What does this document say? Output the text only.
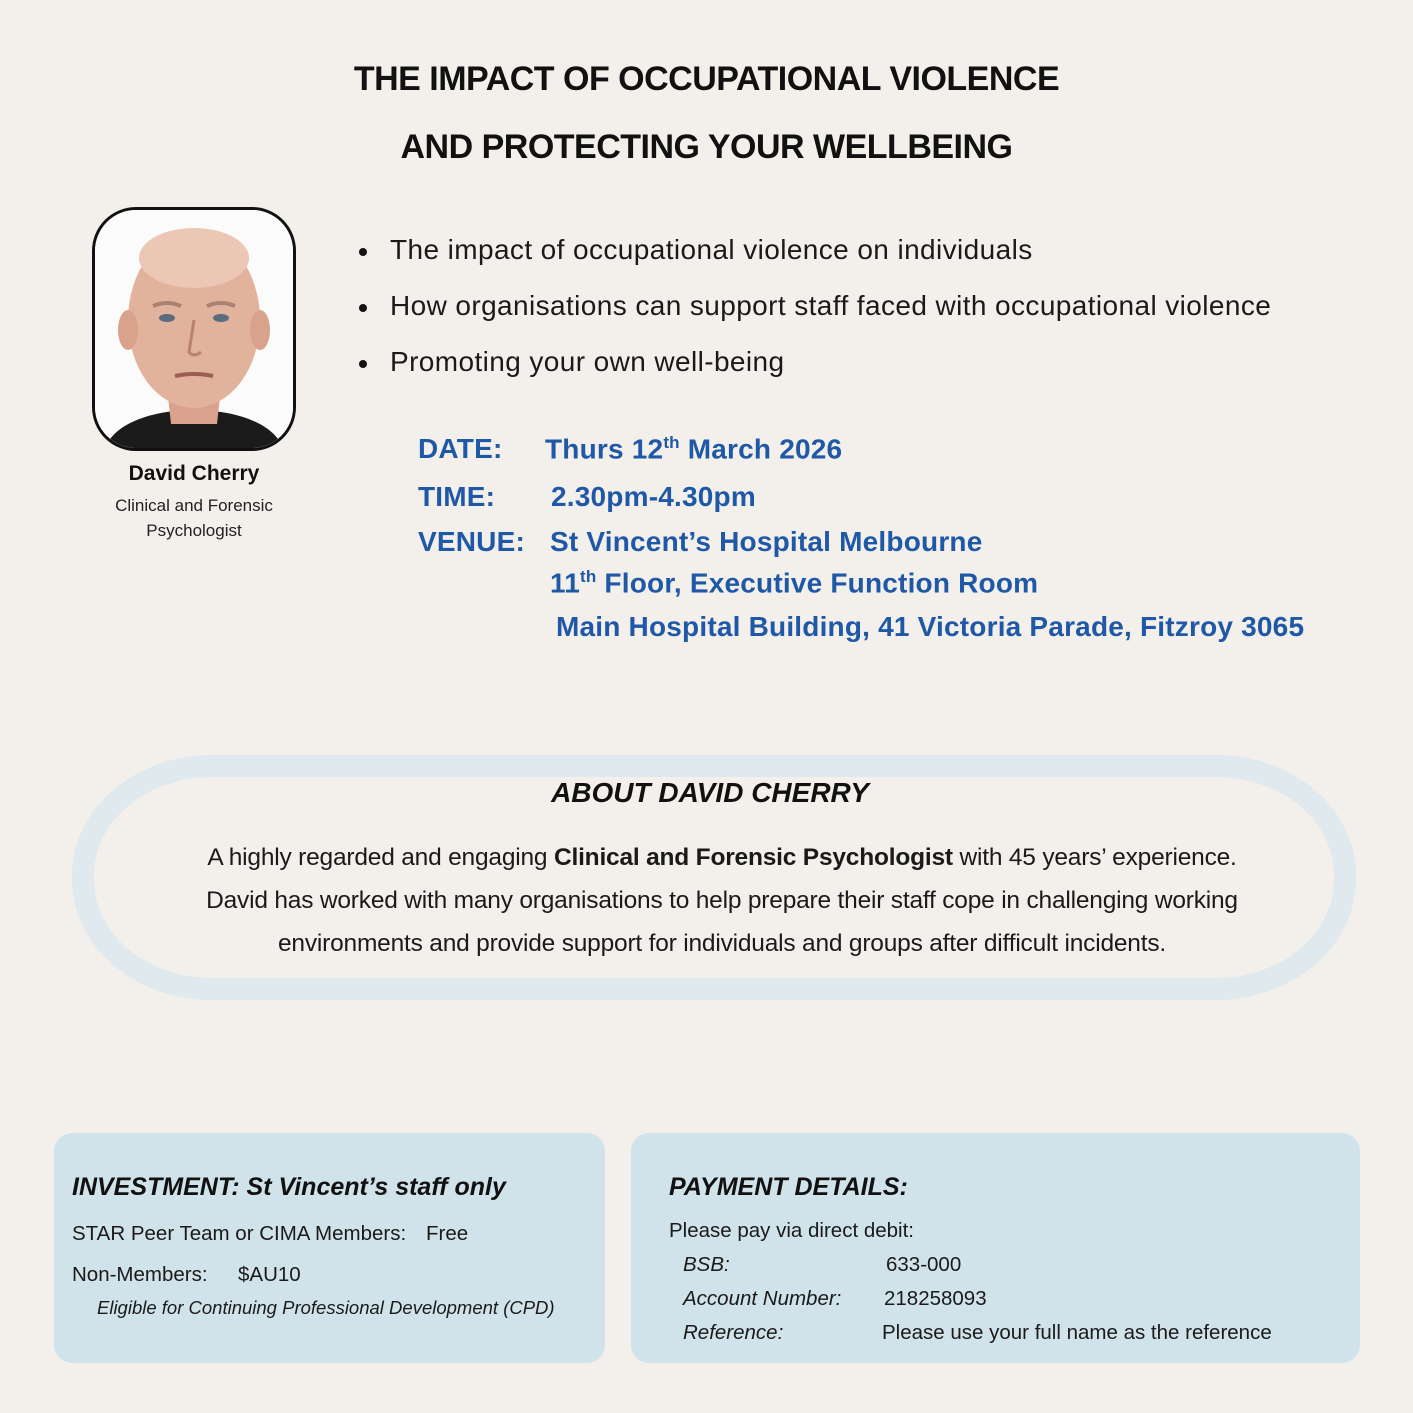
THE IMPACT OF OCCUPATIONAL VIOLENCE
AND PROTECTING YOUR WELLBEING
David Cherry
Clinical and Forensic Psychologist
The impact of occupational violence on individuals
How organisations can support staff faced with occupational violence
Promoting your own well-being
DATE: Thurs 12th March 2026
TIME: 2.30pm-4.30pm
VENUE: St Vincent’s Hospital Melbourne
11th Floor, Executive Function Room
Main Hospital Building, 41 Victoria Parade, Fitzroy 3065
ABOUT DAVID CHERRY
A highly regarded and engaging Clinical and Forensic Psychologist with 45 years’ experience.
David has worked with many organisations to help prepare their staff cope in challenging working
environments and provide support for individuals and groups after difficult incidents.
INVESTMENT: St Vincent’s staff only
STAR Peer Team or CIMA Members: Free
Non-Members: $AU10
Eligible for Continuing Professional Development (CPD)
PAYMENT DETAILS:
Please pay via direct debit:
BSB:	633-000
Account Number: 218258093
Reference:	Please use your full name as the reference
